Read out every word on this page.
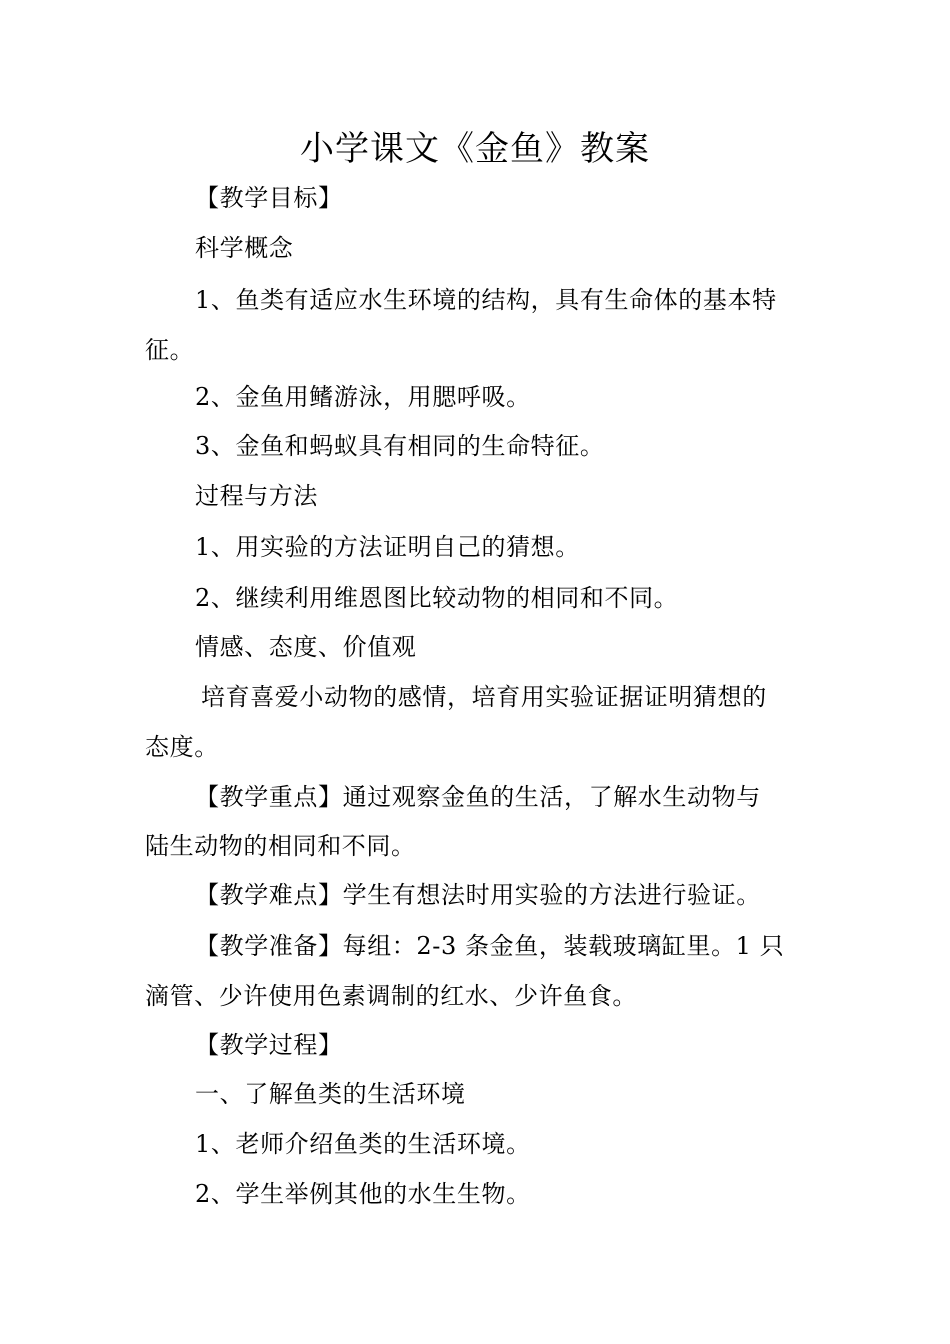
小学课文《金鱼》教案
【教学目标】
科学概念
1、鱼类有适应水生环境的结构，具有生命体的基本特
征。
2、金鱼用鳍游泳，用腮呼吸。
3、金鱼和蚂蚁具有相同的生命特征。
过程与方法
1、用实验的方法证明自己的猜想。
2、继续利用维恩图比较动物的相同和不同。
情感、态度、价值观
培育喜爱小动物的感情，培育用实验证据证明猜想的
态度。
【教学重点】通过观察金鱼的生活，了解水生动物与
陆生动物的相同和不同。
【教学难点】学生有想法时用实验的方法进行验证。
【教学准备】每组：2-3 条金鱼，装载玻璃缸里。1 只
滴管、少许使用色素调制的红水、少许鱼食。
【教学过程】
一、了解鱼类的生活环境
1、老师介绍鱼类的生活环境。
2、学生举例其他的水生生物。
